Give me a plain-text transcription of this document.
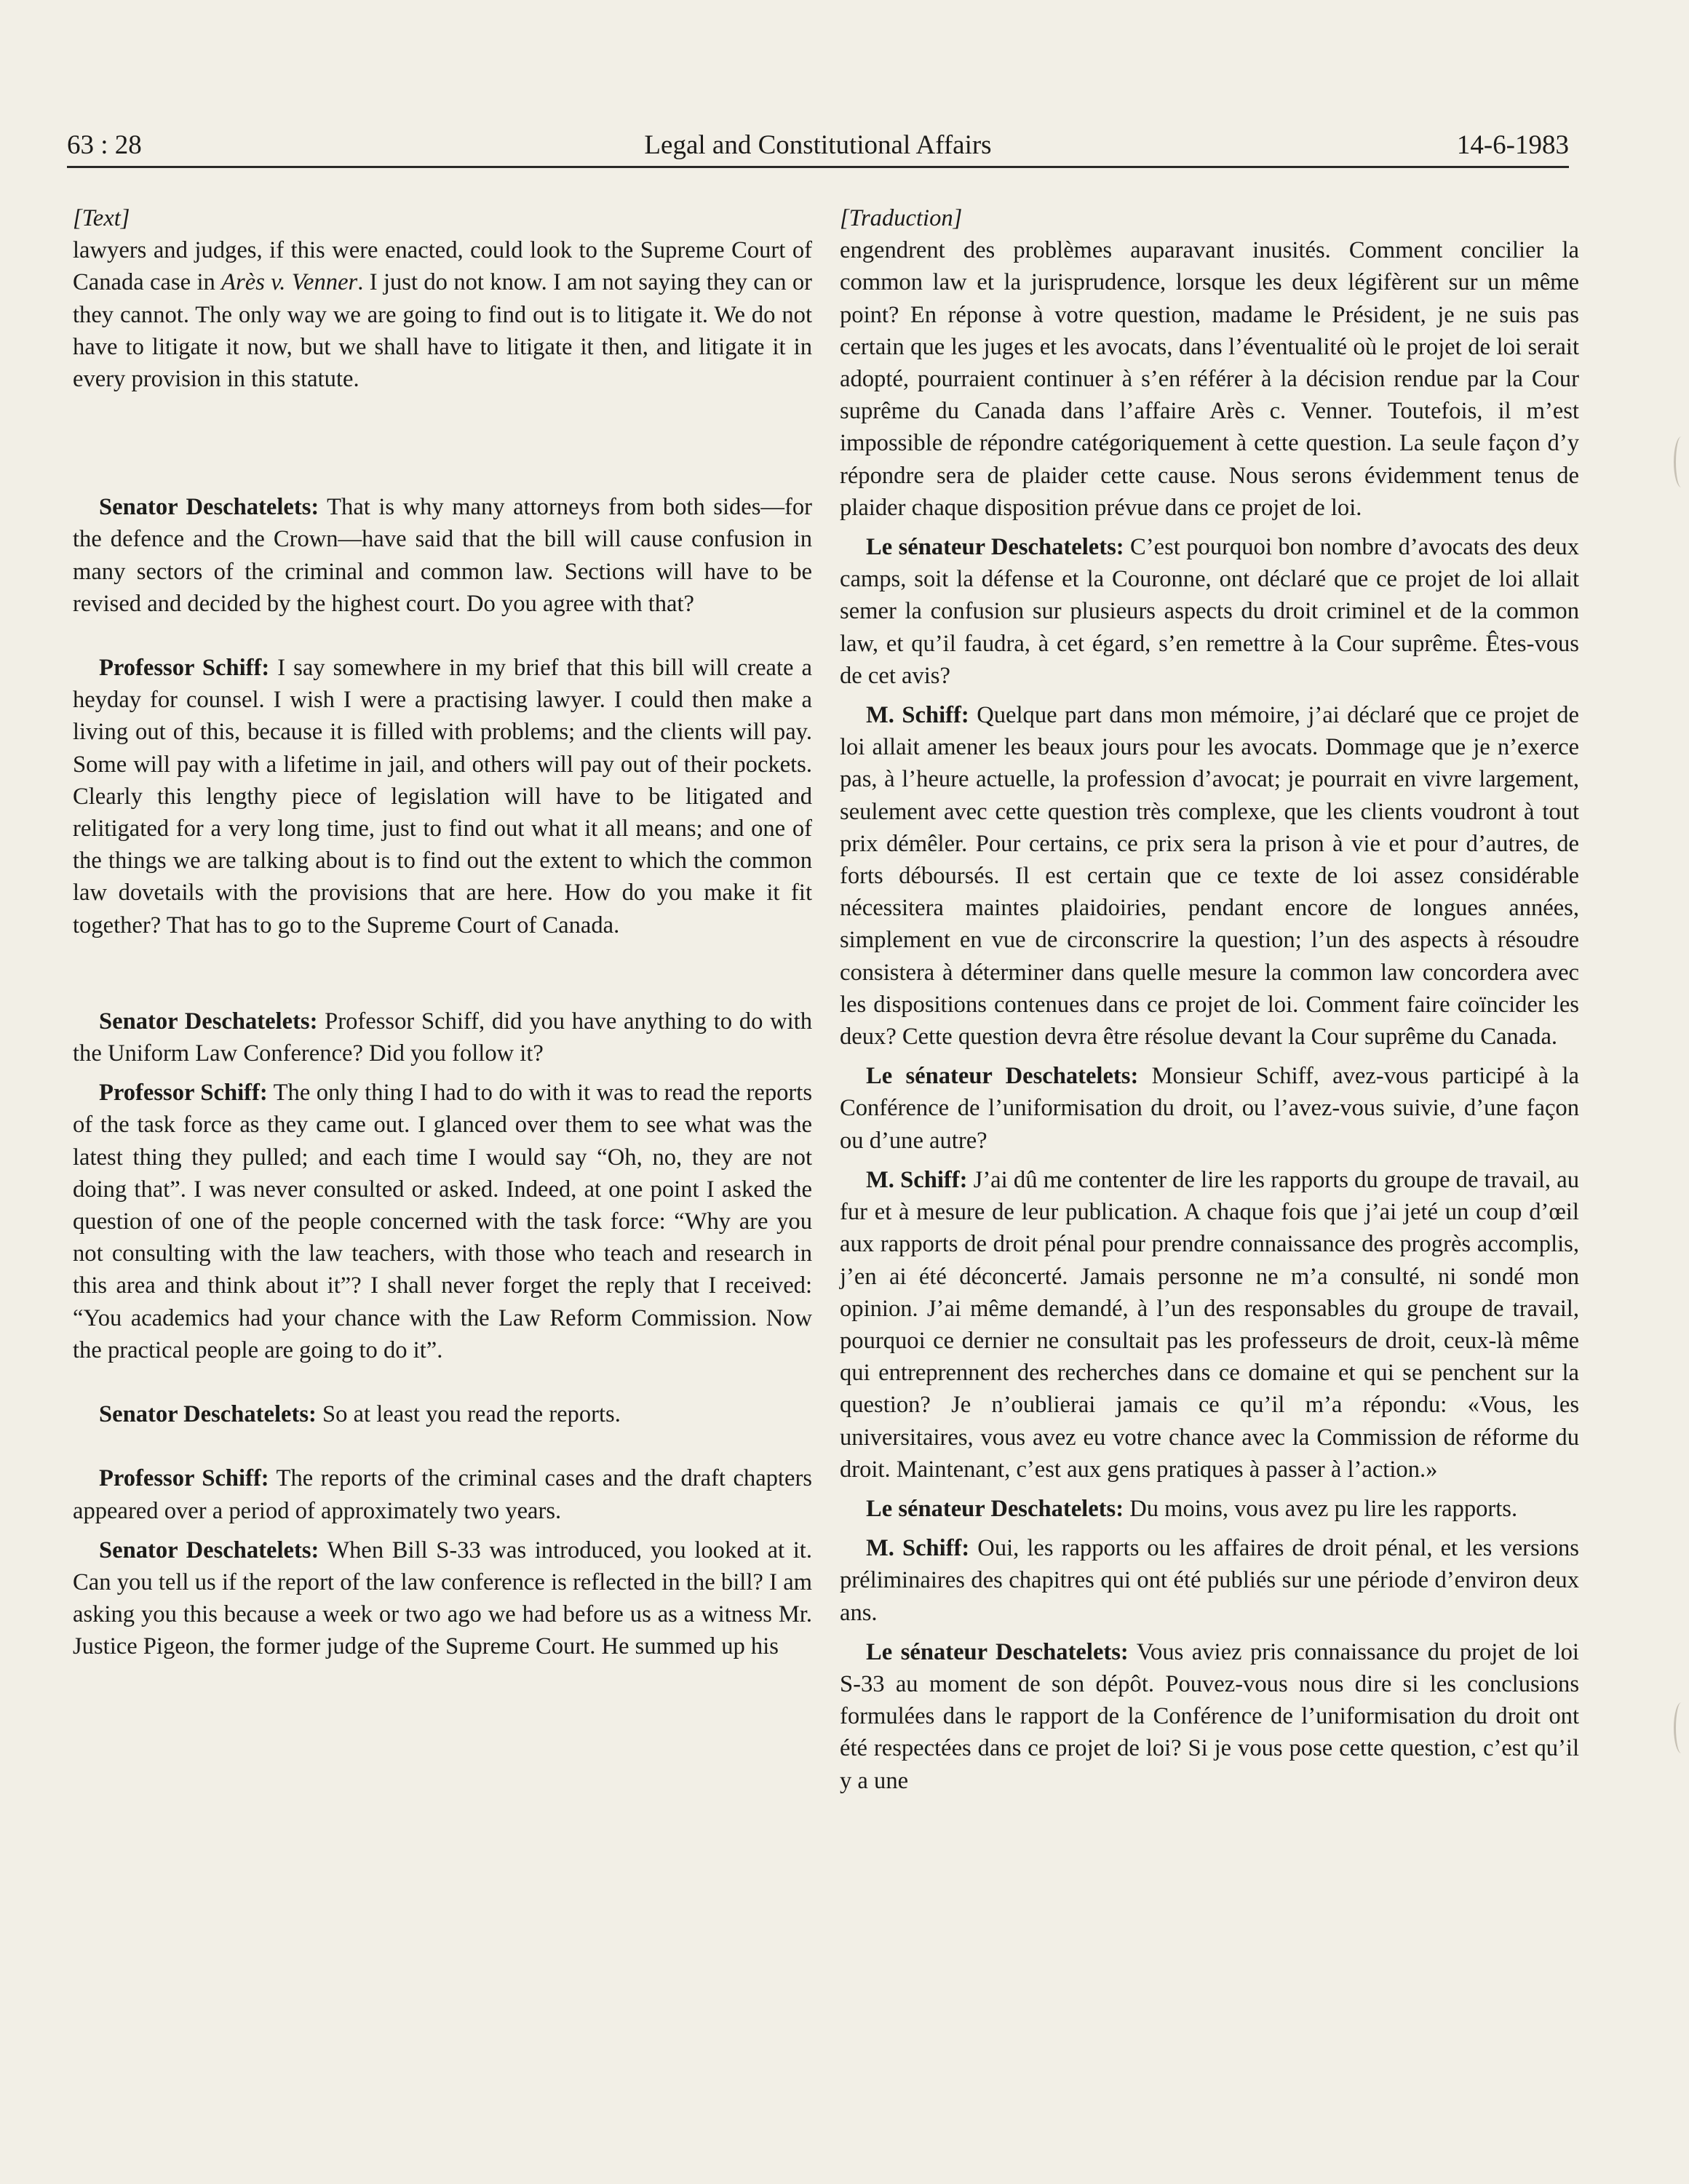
63 : 28	Legal and Constitutional Affairs	14-6-1983

[Text]

lawyers and judges, if this were enacted, could look to the Supreme Court of Canada case in Arès v. Venner. I just do not know. I am not saying they can or they cannot. The only way we are going to find out is to litigate it. We do not have to litigate it now, but we shall have to litigate it then, and litigate it in every provision in this statute.

Senator Deschatelets: That is why many attorneys from both sides—for the defence and the Crown—have said that the bill will cause confusion in many sectors of the criminal and common law. Sections will have to be revised and decided by the highest court. Do you agree with that?

Professor Schiff: I say somewhere in my brief that this bill will create a heyday for counsel. I wish I were a practising lawyer. I could then make a living out of this, because it is filled with problems; and the clients will pay. Some will pay with a lifetime in jail, and others will pay out of their pockets. Clearly this lengthy piece of legislation will have to be litigated and relitigated for a very long time, just to find out what it all means; and one of the things we are talking about is to find out the extent to which the common law dovetails with the provisions that are here. How do you make it fit together? That has to go to the Supreme Court of Canada.

Senator Deschatelets: Professor Schiff, did you have anything to do with the Uniform Law Conference? Did you follow it?

Professor Schiff: The only thing I had to do with it was to read the reports of the task force as they came out. I glanced over them to see what was the latest thing they pulled; and each time I would say “Oh, no, they are not doing that”. I was never consulted or asked. Indeed, at one point I asked the question of one of the people concerned with the task force: “Why are you not consulting with the law teachers, with those who teach and research in this area and think about it”? I shall never forget the reply that I received: “You academics had your chance with the Law Reform Commission. Now the practical people are going to do it”.

Senator Deschatelets: So at least you read the reports.

Professor Schiff: The reports of the criminal cases and the draft chapters appeared over a period of approximately two years.

Senator Deschatelets: When Bill S-33 was introduced, you looked at it. Can you tell us if the report of the law conference is reflected in the bill? I am asking you this because a week or two ago we had before us as a witness Mr. Justice Pigeon, the former judge of the Supreme Court. He summed up his

[Traduction]

engendrent des problèmes auparavant inusités. Comment concilier la common law et la jurisprudence, lorsque les deux légifèrent sur un même point? En réponse à votre question, madame le Président, je ne suis pas certain que les juges et les avocats, dans l’éventualité où le projet de loi serait adopté, pourraient continuer à s’en référer à la décision rendue par la Cour suprême du Canada dans l’affaire Arès c. Venner. Toutefois, il m’est impossible de répondre catégoriquement à cette question. La seule façon d’y répondre sera de plaider cette cause. Nous serons évidemment tenus de plaider chaque disposition prévue dans ce projet de loi.

Le sénateur Deschatelets: C’est pourquoi bon nombre d’avocats des deux camps, soit la défense et la Couronne, ont déclaré que ce projet de loi allait semer la confusion sur plusieurs aspects du droit criminel et de la common law, et qu’il faudra, à cet égard, s’en remettre à la Cour suprême. Êtes-vous de cet avis?

M. Schiff: Quelque part dans mon mémoire, j’ai déclaré que ce projet de loi allait amener les beaux jours pour les avocats. Dommage que je n’exerce pas, à l’heure actuelle, la profession d’avocat; je pourrait en vivre largement, seulement avec cette question très complexe, que les clients voudront à tout prix démêler. Pour certains, ce prix sera la prison à vie et pour d’autres, de forts déboursés. Il est certain que ce texte de loi assez considérable nécessitera maintes plaidoiries, pendant encore de longues années, simplement en vue de circonscrire la question; l’un des aspects à résoudre consistera à déterminer dans quelle mesure la common law concordera avec les dispositions contenues dans ce projet de loi. Comment faire coïncider les deux? Cette question devra être résolue devant la Cour suprême du Canada.

Le sénateur Deschatelets: Monsieur Schiff, avez-vous participé à la Conférence de l’uniformisation du droit, ou l’avez-vous suivie, d’une façon ou d’une autre?

M. Schiff: J’ai dû me contenter de lire les rapports du groupe de travail, au fur et à mesure de leur publication. A chaque fois que j’ai jeté un coup d’œil aux rapports de droit pénal pour prendre connaissance des progrès accomplis, j’en ai été déconcerté. Jamais personne ne m’a consulté, ni sondé mon opinion. J’ai même demandé, à l’un des responsables du groupe de travail, pourquoi ce dernier ne consultait pas les professeurs de droit, ceux-là même qui entreprennent des recherches dans ce domaine et qui se penchent sur la question? Je n’oublierai jamais ce qu’il m’a répondu: «Vous, les universitaires, vous avez eu votre chance avec la Commission de réforme du droit. Maintenant, c’est aux gens pratiques à passer à l’action.»

Le sénateur Deschatelets: Du moins, vous avez pu lire les rapports.

M. Schiff: Oui, les rapports ou les affaires de droit pénal, et les versions préliminaires des chapitres qui ont été publiés sur une période d’environ deux ans.

Le sénateur Deschatelets: Vous aviez pris connaissance du projet de loi S-33 au moment de son dépôt. Pouvez-vous nous dire si les conclusions formulées dans le rapport de la Conférence de l’uniformisation du droit ont été respectées dans ce projet de loi? Si je vous pose cette question, c’est qu’il y a une
